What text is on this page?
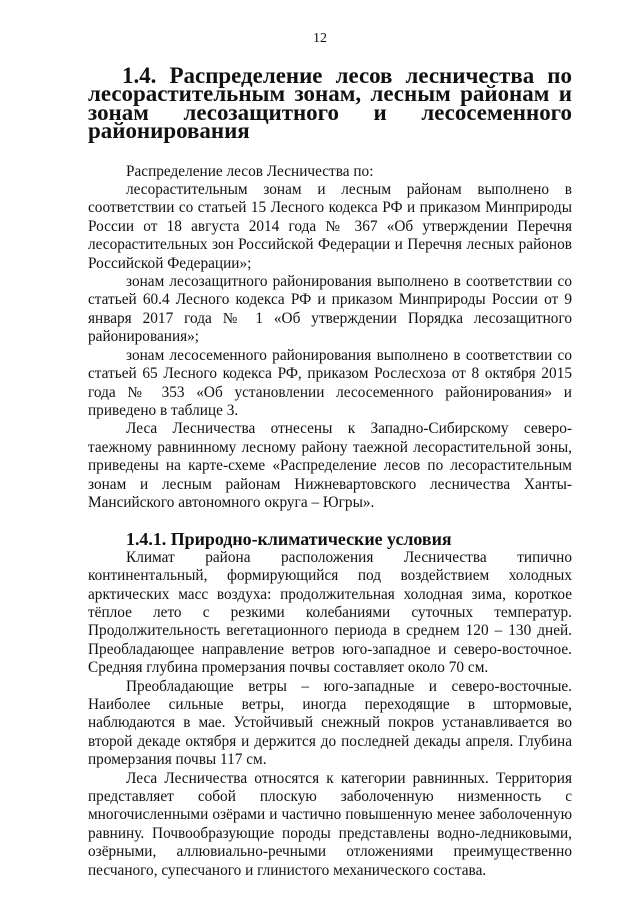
12
1.4. Распределение лесов лесничества по лесорастительным зонам, лесным районам и зонам лесозащитного и лесосеменного районирования

Распределение лесов Лесничества по:

лесорастительным зонам и лесным районам выполнено в соответствии со статьей 15 Лесного кодекса РФ и приказом Минприроды России от 18 августа 2014 года № 367 «Об утверждении Перечня лесорастительных зон Российской Федерации и Перечня лесных районов Российской Федерации»;

зонам лесозащитного районирования выполнено в соответствии со статьей 60.4 Лесного кодекса РФ и приказом Минприроды России от 9 января 2017 года № 1 «Об утверждении Порядка лесозащитного районирования»;

зонам лесосеменного районирования выполнено в соответствии со статьей 65 Лесного кодекса РФ, приказом Рослесхоза от 8 октября 2015 года № 353 «Об установлении лесосеменного районирования» и приведено в таблице 3.

Леса Лесничества отнесены к Западно-Сибирскому северо-таежному равнинному лесному району таежной лесорастительной зоны, приведены на карте-схеме «Распределение лесов по лесорастительным зонам и лесным районам Нижневартовского лесничества Ханты-Мансийского автономного округа – Югры».

1.4.1. Природно-климатические условия

Климат района расположения Лесничества типично континентальный, формирующийся под воздействием холодных арктических масс воздуха: продолжительная холодная зима, короткое тёплое лето с резкими колебаниями суточных температур. Продолжительность вегетационного периода в среднем 120 – 130 дней. Преобладающее направление ветров юго-западное и северо-восточное. Средняя глубина промерзания почвы составляет около 70 см.

Преобладающие ветры – юго-западные и северо-восточные. Наиболее сильные ветры, иногда переходящие в штормовые, наблюдаются в мае. Устойчивый снежный покров устанавливается во второй декаде октября и держится до последней декады апреля. Глубина промерзания почвы 117 см.

Леса Лесничества относятся к категории равнинных. Территория представляет собой плоскую заболоченную низменность с многочисленными озёрами и частично повышенную менее заболоченную равнину. Почвообразующие породы представлены водно-ледниковыми, озёрными, аллювиально-речными отложениями преимущественно песчаного, супесчаного и глинистого механического состава.
